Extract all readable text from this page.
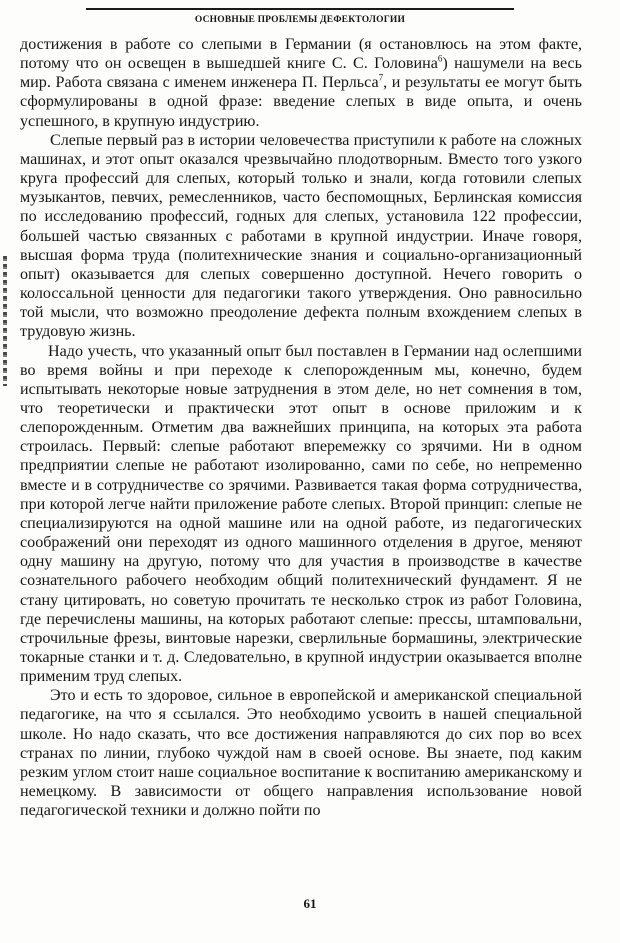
ОСНОВНЫЕ ПРОБЛЕМЫ ДЕФЕКТОЛОГИИ

достижения в работе со слепыми в Германии (я остановлюсь на этом факте, потому что он освещен в вышедшей книге С. С. Головина$^6$) нашумели на весь мир. Работа связана с именем инженера П. Перльса$^7$, и результаты ее могут быть сформулированы в одной фразе: введение слепых в виде опыта, и очень успешного, в крупную индустрию.

Слепые первый раз в истории человечества приступили к работе на сложных машинах, и этот опыт оказался чрезвычайно плодотворным. Вместо того узкого круга профессий для слепых, который только и знали, когда готовили слепых музыкантов, певчих, ремесленников, часто беспомощных, Берлинская комиссия по исследованию профессий, годных для слепых, установила 122 профессии, большей частью связанных с работами в крупной индустрии. Иначе говоря, высшая форма труда (политехнические знания и социально-организационный опыт) оказывается для слепых совершенно доступной. Нечего говорить о колоссальной ценности для педагогики такого утверждения. Оно равносильно той мысли, что возможно преодоление дефекта полным вхождением слепых в трудовую жизнь.

Надо учесть, что указанный опыт был поставлен в Германии над ослепшими во время войны и при переходе к слепорожденным мы, конечно, будем испытывать некоторые новые затруднения в этом деле, но нет сомнения в том, что теоретически и практически этот опыт в основе приложим и к слепорожденным. Отметим два важнейших принципа, на которых эта работа строилась. Первый: слепые работают вперемежку со зрячими. Ни в одном предприятии слепые не работают изолированно, сами по себе, но непременно вместе и в сотрудничестве со зрячими. Развивается такая форма сотрудничества, при которой легче найти приложение работе слепых. Второй принцип: слепые не специализируются на одной машине или на одной работе, из педагогических соображений они переходят из одного машинного отделения в другое, меняют одну машину на другую, потому что для участия в производстве в качестве сознательного рабочего необходим общий политехнический фундамент. Я не стану цитировать, но советую прочитать те несколько строк из работ Головина, где перечислены машины, на которых работают слепые: прессы, штамповальни, строчильные фрезы, винтовые нарезки, сверлильные бормашины, электрические токарные станки и т. д. Следовательно, в крупной индустрии оказывается вполне применим труд слепых.

Это и есть то здоровое, сильное в европейской и американской специальной педагогике, на что я ссылался. Это необходимо усвоить в нашей специальной школе. Но надо сказать, что все достижения направляются до сих пор во всех странах по линии, глубоко чуждой нам в своей основе. Вы знаете, под каким резким углом стоит наше социальное воспитание к воспитанию американскому и немецкому. В зависимости от общего направления использование новой педагогической техники и должно пойти по

61
